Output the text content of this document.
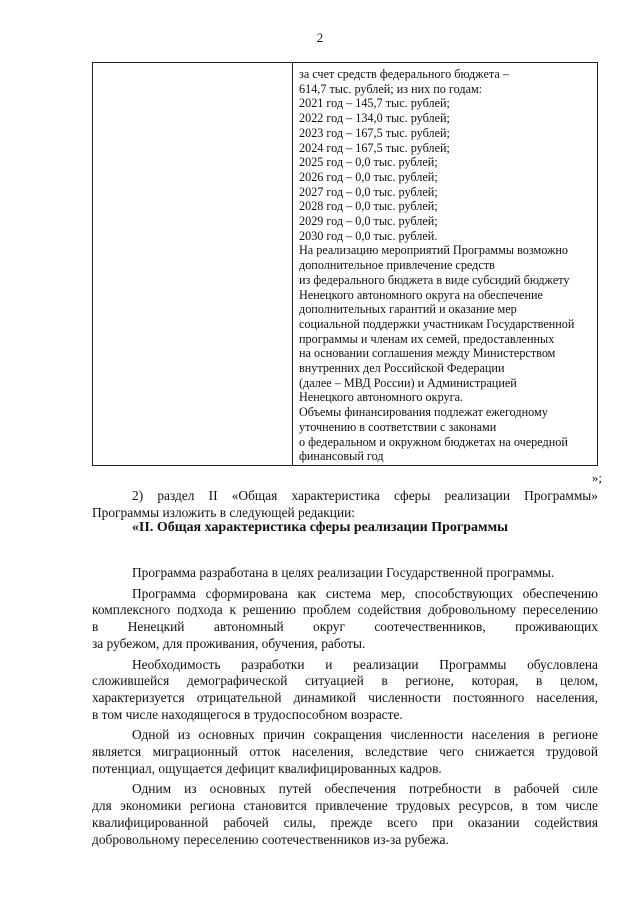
2
за счет средств федерального бюджета –
614,7 тыс. рублей; из них по годам:
2021 год – 145,7 тыс. рублей;
2022 год – 134,0 тыс. рублей;
2023 год – 167,5 тыс. рублей;
2024 год – 167,5 тыс. рублей;
2025 год – 0,0 тыс. рублей;
2026 год – 0,0 тыс. рублей;
2027 год – 0,0 тыс. рублей;
2028 год – 0,0 тыс. рублей;
2029 год – 0,0 тыс. рублей;
2030 год – 0,0 тыс. рублей.
На реализацию мероприятий Программы возможно
дополнительное привлечение средств
из федерального бюджета в виде субсидий бюджету
Ненецкого автономного округа на обеспечение
дополнительных гарантий и оказание мер
социальной поддержки участникам Государственной
программы и членам их семей, предоставленных
на основании соглашения между Министерством
внутренних дел Российской Федерации
(далее – МВД России) и Администрацией
Ненецкого автономного округа.
Объемы финансирования подлежат ежегодному
уточнению в соответствии с законами
о федеральном и окружном бюджетах на очередной
финансовый год
»;
2) раздел II «Общая характеристика сферы реализации Программы»
Программы изложить в следующей редакции:
«II. Общая характеристика сферы реализации Программы
Программа разработана в целях реализации Государственной программы.
Программа сформирована как система мер, способствующих обеспечению
комплексного подхода к решению проблем содействия добровольному переселению
в Ненецкий автономный округ соотечественников, проживающих
за рубежом, для проживания, обучения, работы.
Необходимость разработки и реализации Программы обусловлена
сложившейся демографической ситуацией в регионе, которая, в целом,
характеризуется отрицательной динамикой численности постоянного населения,
в том числе находящегося в трудоспособном возрасте.
Одной из основных причин сокращения численности населения в регионе
является миграционный отток населения, вследствие чего снижается трудовой
потенциал, ощущается дефицит квалифицированных кадров.
Одним из основных путей обеспечения потребности в рабочей силе
для экономики региона становится привлечение трудовых ресурсов, в том числе
квалифицированной рабочей силы, прежде всего при оказании содействия
добровольному переселению соотечественников из-за рубежа.
